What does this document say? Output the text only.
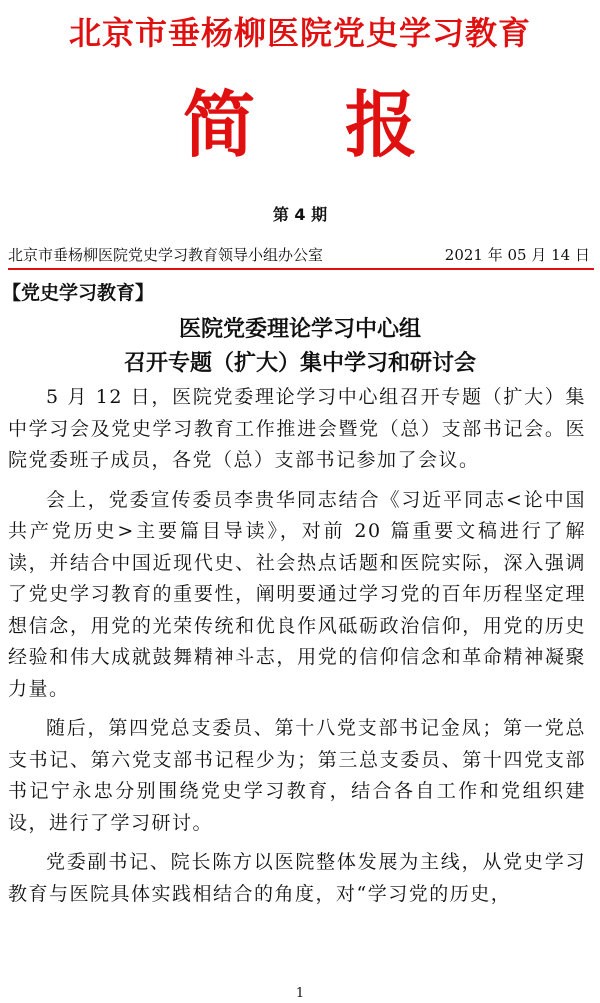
北京市垂杨柳医院党史学习教育
简报
第 4 期
北京市垂杨柳医院党史学习教育领导小组办公室	2021 年 05 月 14 日
【党史学习教育】
医院党委理论学习中心组
召开专题（扩大）集中学习和研讨会

5 月 12 日，医院党委理论学习中心组召开专题（扩大）集中学习会及党史学习教育工作推进会暨党（总）支部书记会。医院党委班子成员，各党（总）支部书记参加了会议。

会上，党委宣传委员李贵华同志结合《习近平同志<论中国共产党历史>主要篇目导读》，对前 20 篇重要文稿进行了解读，并结合中国近现代史、社会热点话题和医院实际，深入强调了党史学习教育的重要性，阐明要通过学习党的百年历程坚定理想信念，用党的光荣传统和优良作风砥砺政治信仰，用党的历史经验和伟大成就鼓舞精神斗志，用党的信仰信念和革命精神凝聚力量。

随后，第四党总支委员、第十八党支部书记金凤；第一党总支书记、第六党支部书记程少为；第三总支委员、第十四党支部书记宁永忠分别围绕党史学习教育，结合各自工作和党组织建设，进行了学习研讨。

党委副书记、院长陈方以医院整体发展为主线，从党史学习教育与医院具体实践相结合的角度，对“学习党的历史，

1
